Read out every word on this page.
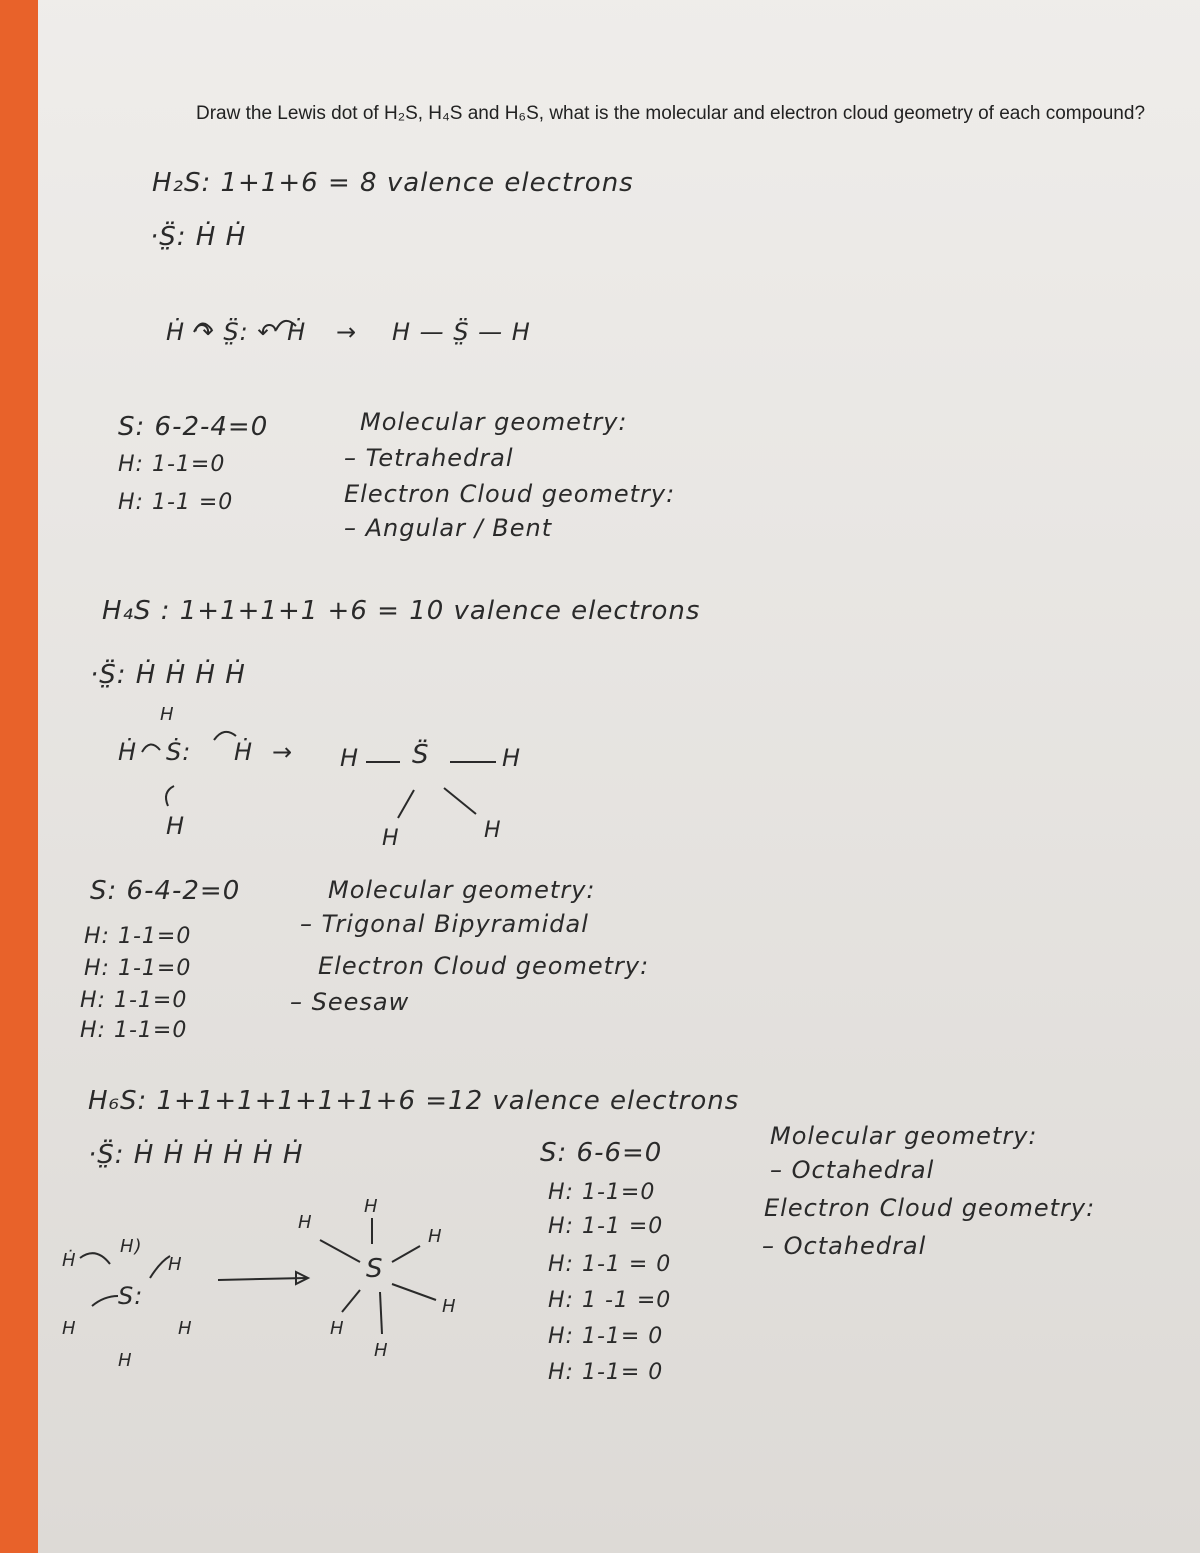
Draw the Lewis dot of H₂S, H₄S and H₆S, what is the molecular and electron cloud geometry of each compound?
H₂S: 1+1+6 = 8 valence electrons
·S̤̈: Ḣ Ḣ
Ḣ ↷ S̤̈: ↶ Ḣ → H — S̤̈ — H
S: 6-2-4=0
H: 1-1=0
H: 1-1 =0
Molecular geometry:
– Tetrahedral
Electron Cloud geometry:
– Angular / Bent
H₄S : 1+1+1+1 +6 = 10 valence electrons
·S̤̈: Ḣ Ḣ Ḣ Ḣ
H
Ḣ Ṡ: Ḣ
H
→ H S̈	H
H	H
S: 6-4-2=0
H: 1-1=0
H: 1-1=0
H: 1-1=0
H: 1-1=0
Molecular geometry:
– Trigonal Bipyramidal
Electron Cloud geometry:
– Seesaw
H₆S: 1+1+1+1+1+1+6 =12 valence electrons
·S̤̈: Ḣ Ḣ Ḣ Ḣ Ḣ Ḣ
Ḣ
H)
H
H	H
H
S:
H
H
H
H
H
H
S
S: 6-6=0
H: 1-1=0
H: 1-1 =0
H: 1-1 = 0
H: 1 -1 =0
H: 1-1= 0
H: 1-1= 0
Molecular geometry:
– Octahedral
Electron Cloud geometry:
– Octahedral
